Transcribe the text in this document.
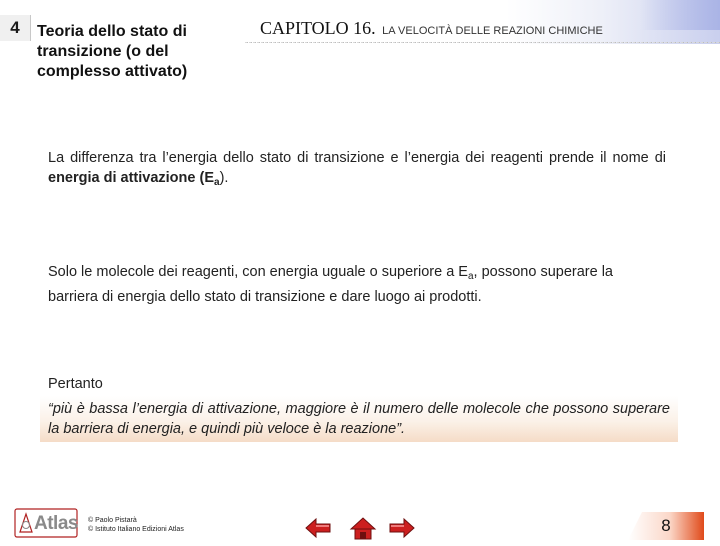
4	Teoria dello stato di transizione (o del complesso attivato)
CAPITOLO 16. LA VELOCITÀ DELLE REAZIONI CHIMICHE
La differenza tra l’energia dello stato di transizione e l’energia dei reagenti prende il nome di energia di attivazione $(E_a)$.
Solo le molecole dei reagenti, con energia uguale o superiore a $E_a$, possono superare la barriera di energia dello stato di transizione e dare luogo ai prodotti.
Pertanto
“più è bassa l’energia di attivazione, maggiore è il numero delle molecole che possono superare la barriera di energia, e quindi più veloce è la reazione”.
Atlas © Paolo Pistarà
© Istituto Italiano Edizioni Atlas	8
